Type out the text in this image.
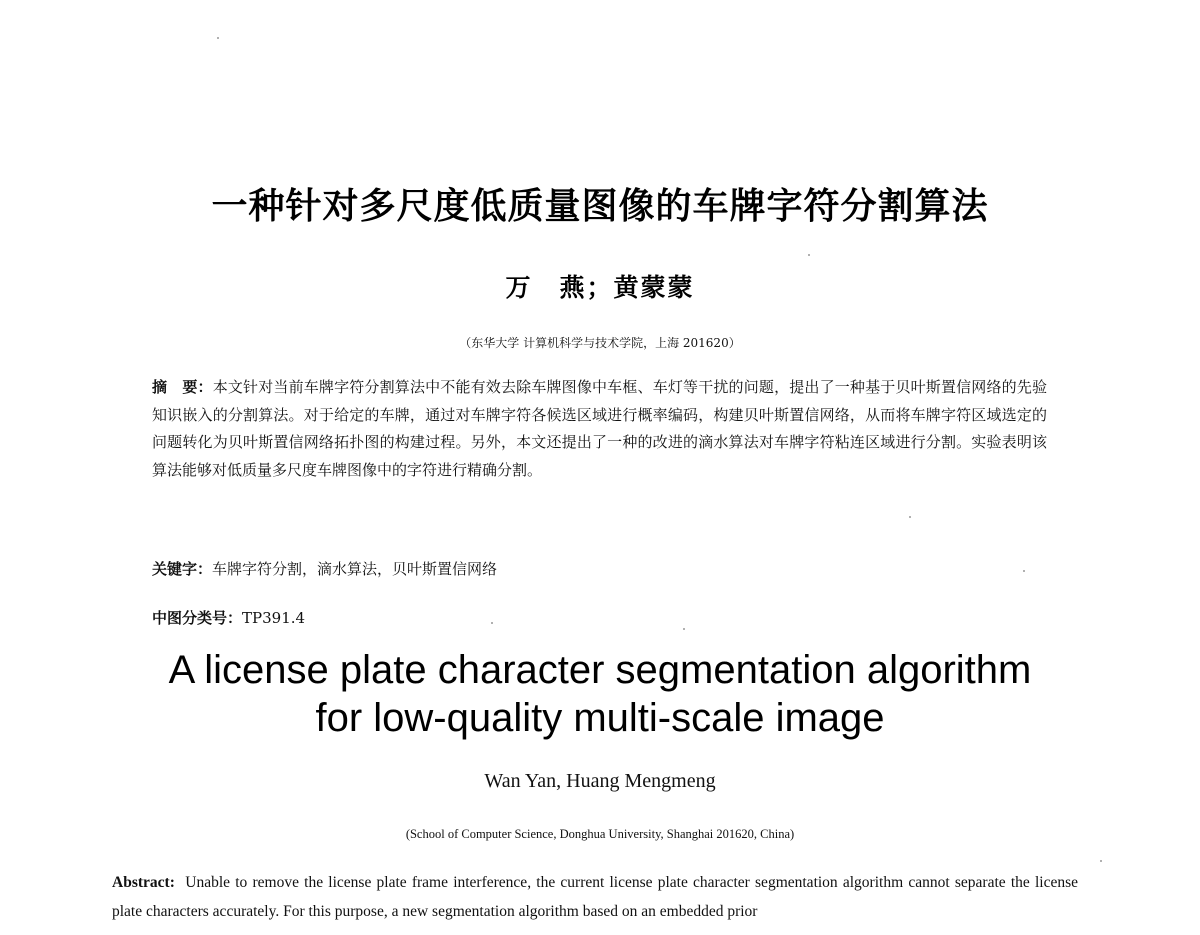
一种针对多尺度低质量图像的车牌字符分割算法
万　燕；黄蒙蒙
（东华大学 计算机科学与技术学院，上海 201620）
摘　要：本文针对当前车牌字符分割算法中不能有效去除车牌图像中车框、车灯等干扰的问题，提出了一种基于贝叶斯置信网络的先验知识嵌入的分割算法。对于给定的车牌，通过对车牌字符各候选区域进行概率编码，构建贝叶斯置信网络，从而将车牌字符区域选定的问题转化为贝叶斯置信网络拓扑图的构建过程。另外，本文还提出了一种的改进的滴水算法对车牌字符粘连区域进行分割。实验表明该算法能够对低质量多尺度车牌图像中的字符进行精确分割。
关键字：车牌字符分割，滴水算法，贝叶斯置信网络
中图分类号：TP391.4
A license plate character segmentation algorithm
for low-quality multi-scale image
Wan Yan, Huang Mengmeng
(School of Computer Science, Donghua University, Shanghai 201620, China)
Abstract: Unable to remove the license plate frame interference, the current license plate character segmentation algorithm cannot separate the license plate characters accurately. For this purpose, a new segmentation algorithm based on an embedded prior
